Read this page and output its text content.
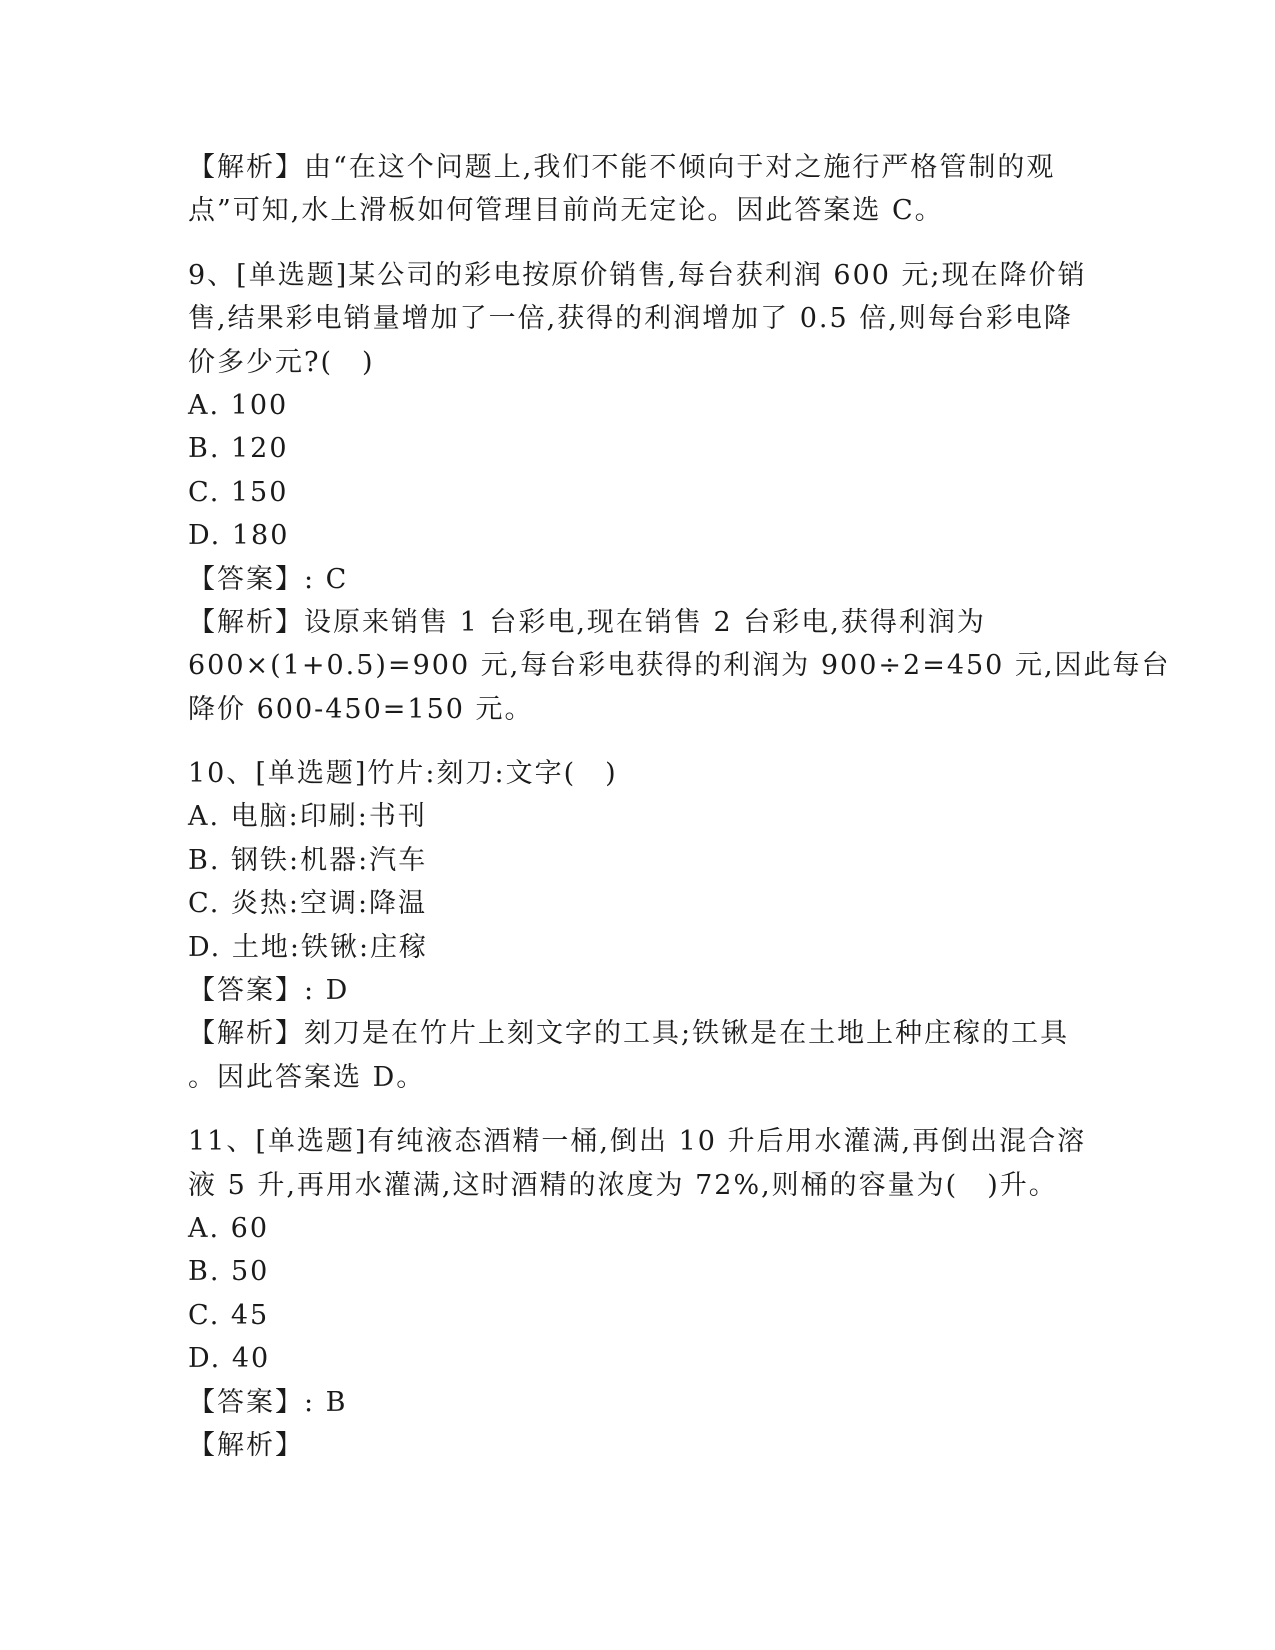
【解析】由“在这个问题上,我们不能不倾向于对之施行严格管制的观
点”可知,水上滑板如何管理目前尚无定论。因此答案选 C。
9、[单选题]某公司的彩电按原价销售,每台获利润 600 元;现在降价销
售,结果彩电销量增加了一倍,获得的利润增加了 0.5 倍,则每台彩电降
价多少元?(　)
A. 100
B. 120
C. 150
D. 180
【答案】: C
【解析】设原来销售 1 台彩电,现在销售 2 台彩电,获得利润为
600×(1+0.5)=900 元,每台彩电获得的利润为 900÷2=450 元,因此每台
降价 600-450=150 元。
10、[单选题]竹片:刻刀:文字(　)
A. 电脑:印刷:书刊
B. 钢铁:机器:汽车
C. 炎热:空调:降温
D. 土地:铁锹:庄稼
【答案】: D
【解析】刻刀是在竹片上刻文字的工具;铁锹是在土地上种庄稼的工具
。因此答案选 D。
11、[单选题]有纯液态酒精一桶,倒出 10 升后用水灌满,再倒出混合溶
液 5 升,再用水灌满,这时酒精的浓度为 72%,则桶的容量为(　)升。
A. 60
B. 50
C. 45
D. 40
【答案】: B
【解析】
